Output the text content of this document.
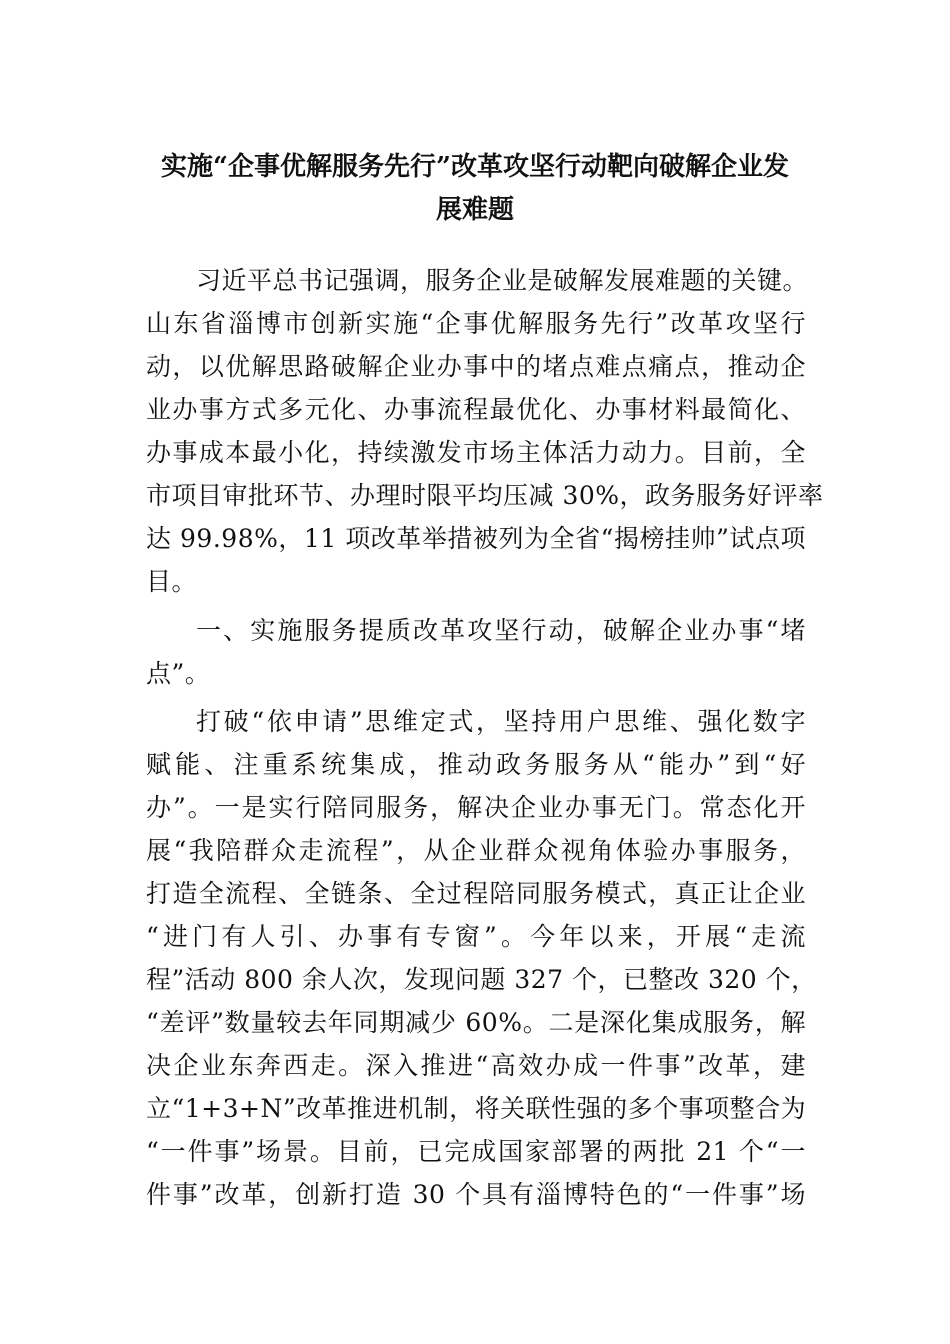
实施“企事优解服务先行”改革攻坚行动靶向破解企业发
展难题
习近平总书记强调，服务企业是破解发展难题的关键。
山东省淄博市创新实施“企事优解服务先行”改革攻坚行
动，以优解思路破解企业办事中的堵点难点痛点，推动企
业办事方式多元化、办事流程最优化、办事材料最简化、
办事成本最小化，持续激发市场主体活力动力。目前，全
市项目审批环节、办理时限平均压减 30%，政务服务好评率
达 99.98%，11 项改革举措被列为全省“揭榜挂帅”试点项
目。
一、实施服务提质改革攻坚行动，破解企业办事“堵
点”。
打破“依申请”思维定式，坚持用户思维、强化数字
赋能、注重系统集成，推动政务服务从“能办”到“好
办”。一是实行陪同服务，解决企业办事无门。常态化开
展“我陪群众走流程”，从企业群众视角体验办事服务，
打造全流程、全链条、全过程陪同服务模式，真正让企业
“进门有人引、办事有专窗”。今年以来，开展“走流
程”活动 800 余人次，发现问题 327 个，已整改 320 个，
“差评”数量较去年同期减少 60%。二是深化集成服务，解
决企业东奔西走。深入推进“高效办成一件事”改革，建
立“1+3+N”改革推进机制，将关联性强的多个事项整合为
“一件事”场景。目前，已完成国家部署的两批 21 个“一
件事”改革，创新打造 30 个具有淄博特色的“一件事”场
